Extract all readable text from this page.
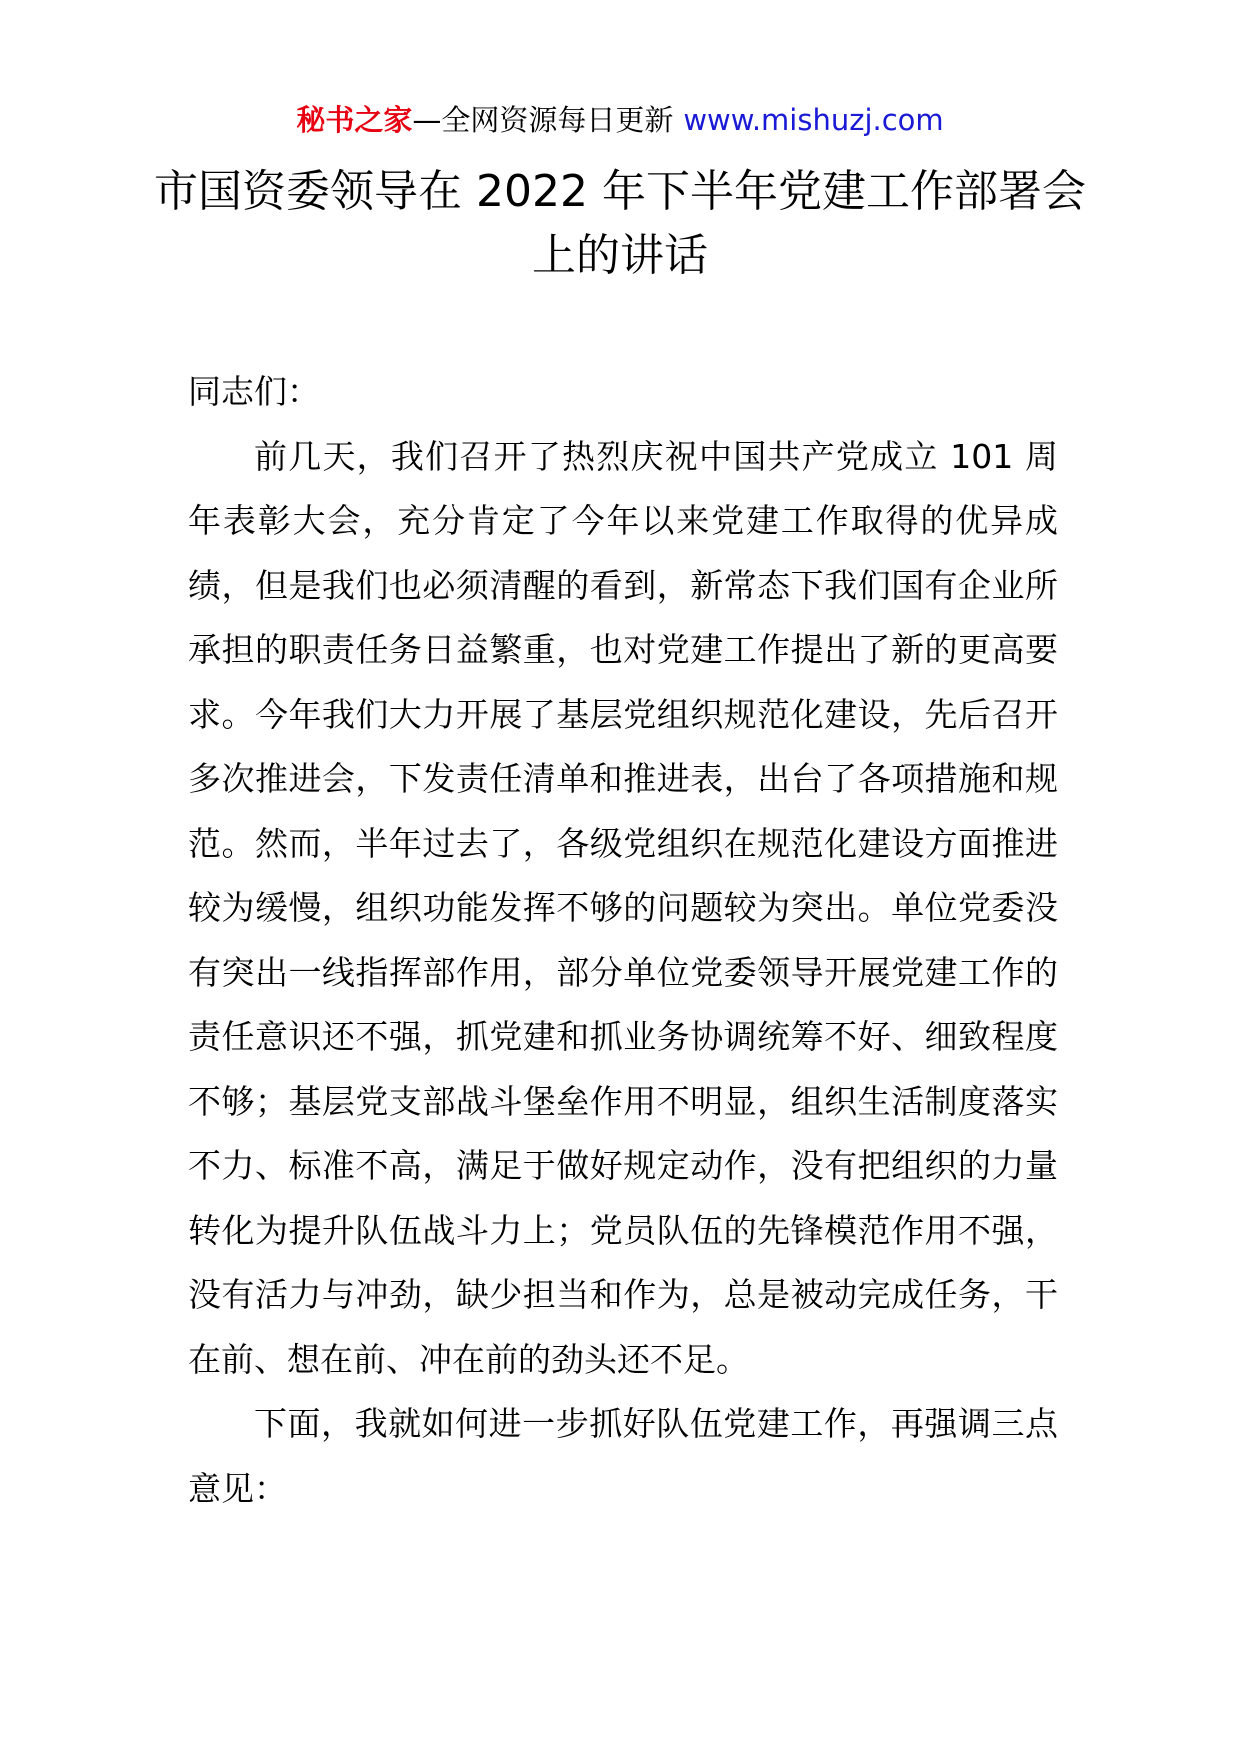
秘书之家—全网资源每日更新 www.mishuzj.com
市国资委领导在 2022 年下半年党建工作部署会上的讲话

同志们：

前几天，我们召开了热烈庆祝中国共产党成立 101 周年表彰大会，充分肯定了今年以来党建工作取得的优异成绩，但是我们也必须清醒的看到，新常态下我们国有企业所承担的职责任务日益繁重，也对党建工作提出了新的更高要求。今年我们大力开展了基层党组织规范化建设，先后召开多次推进会，下发责任清单和推进表，出台了各项措施和规范。然而，半年过去了，各级党组织在规范化建设方面推进较为缓慢，组织功能发挥不够的问题较为突出。单位党委没有突出一线指挥部作用，部分单位党委领导开展党建工作的责任意识还不强，抓党建和抓业务协调统筹不好、细致程度不够；基层党支部战斗堡垒作用不明显，组织生活制度落实不力、标准不高，满足于做好规定动作，没有把组织的力量转化为提升队伍战斗力上；党员队伍的先锋模范作用不强，没有活力与冲劲，缺少担当和作为，总是被动完成任务，干在前、想在前、冲在前的劲头还不足。

下面，我就如何进一步抓好队伍党建工作，再强调三点意见：
